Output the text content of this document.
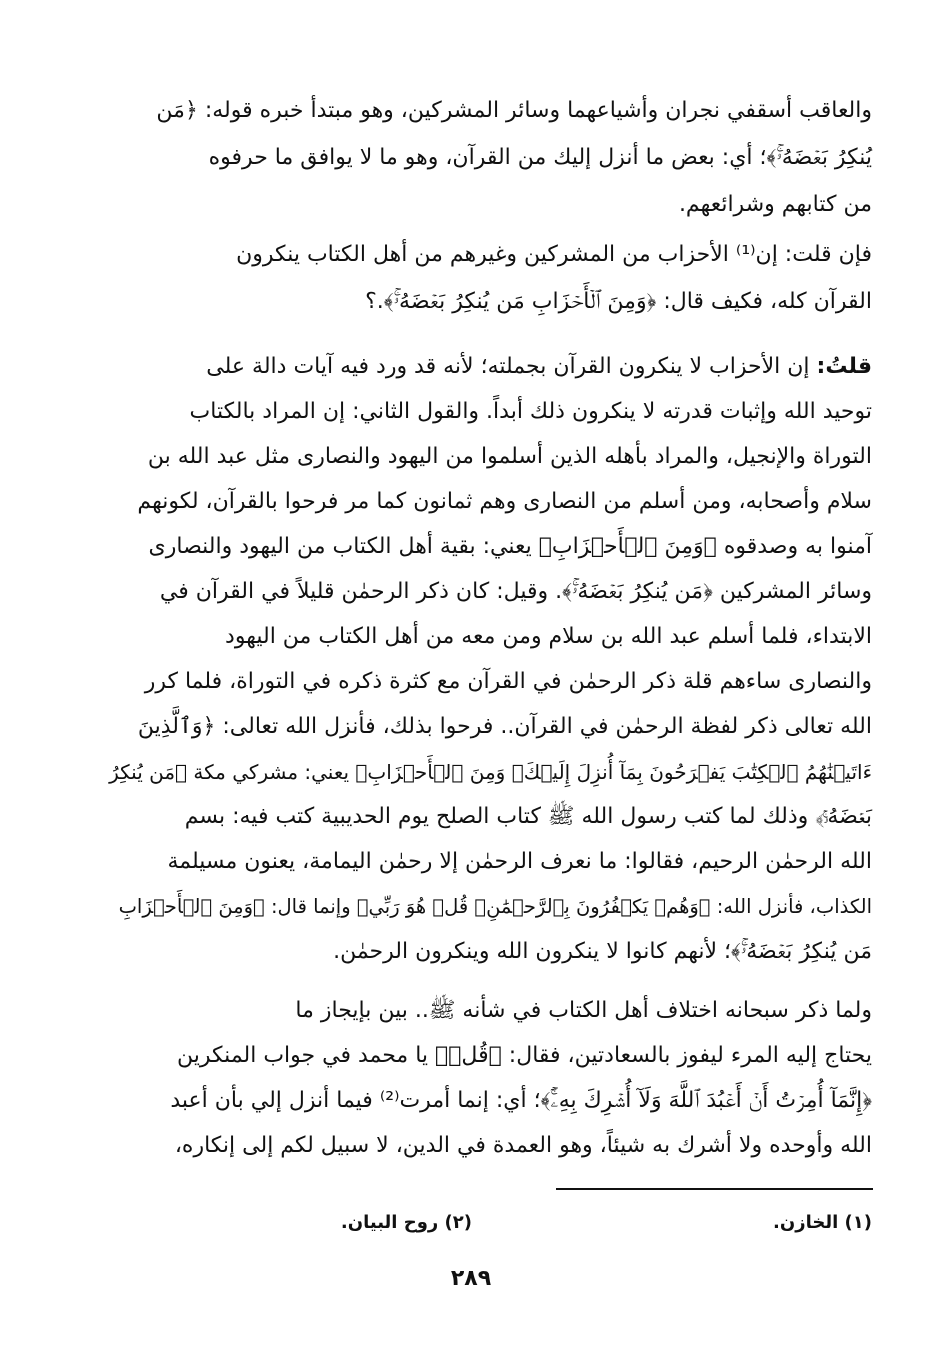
والعاقب أسقفي نجران وأشياعهما وسائر المشركين، وهو مبتدأ خبره قوله: ﴿مَن
يُنكِرُ بَعۡضَهُۥۚ﴾؛ أي: بعض ما أنزل إليك من القرآن، وهو ما لا يوافق ما حرفوه
من كتابهم وشرائعهم.
فإن قلت: إن⁽¹⁾ الأحزاب من المشركين وغيرهم من أهل الكتاب ينكرون
القرآن كله، فكيف قال: ﴿وَمِنَ ٱلۡأَحۡزَابِ مَن يُنكِرُ بَعۡضَهُۥۚ﴾.؟
قلتُ: إن الأحزاب لا ينكرون القرآن بجملته؛ لأنه قد ورد فيه آيات دالة على
توحيد الله وإثبات قدرته لا ينكرون ذلك أبداً. والقول الثاني: إن المراد بالكتاب
التوراة والإنجيل، والمراد بأهله الذين أسلموا من اليهود والنصارى مثل عبد الله بن
سلام وأصحابه، ومن أسلم من النصارى وهم ثمانون كما مر فرحوا بالقرآن، لكونهم
آمنوا به وصدقوه ﴿وَمِنَ ٱلۡأَحۡزَابِ﴾ يعني: بقية أهل الكتاب من اليهود والنصارى
وسائر المشركين ﴿مَن يُنكِرُ بَعۡضَهُۥۚ﴾. وقيل: كان ذكر الرحمٰن قليلاً في القرآن في
الابتداء، فلما أسلم عبد الله بن سلام ومن معه من أهل الكتاب من اليهود
والنصارى ساءهم قلة ذكر الرحمٰن في القرآن مع كثرة ذكره في التوراة، فلما كرر
الله تعالى ذكر لفظة الرحمٰن في القرآن.. فرحوا بذلك، فأنزل الله تعالى: ﴿وَٱلَّذِينَ
ءَاتَيۡنَٰهُمُ ٱلۡكِتَٰبَ يَفۡرَحُونَ بِمَآ أُنزِلَ إِلَيۡكَۖ وَمِنَ ٱلۡأَحۡزَابِ﴾ يعني: مشركي مكة ﴿مَن يُنكِرُ
بَعۡضَهُۥۚ﴾ وذلك لما كتب رسول الله ﷺ كتاب الصلح يوم الحديبية كتب فيه: بسم
الله الرحمٰن الرحيم، فقالوا: ما نعرف الرحمٰن إلا رحمٰن اليمامة، يعنون مسيلمة
الكذاب، فأنزل الله: ﴿وَهُمۡ يَكۡفُرُونَ بِٱلرَّحۡمَٰنِۚ قُلۡ هُوَ رَبِّي﴾ وإنما قال: ﴿وَمِنَ ٱلۡأَحۡزَابِ
مَن يُنكِرُ بَعۡضَهُۥۚ﴾؛ لأنهم كانوا لا ينكرون الله وينكرون الرحمٰن.
ولما ذكر سبحانه اختلاف أهل الكتاب في شأنه ﷺ.. بين بإيجاز ما
يحتاج إليه المرء ليفوز بالسعادتين، فقال: ﴿قُلۡ﴾ يا محمد في جواب المنكرين
﴿إِنَّمَآ أُمِرۡتُ أَنۡ أَعۡبُدَ ٱللَّهَ وَلَآ أُشۡرِكَ بِهِۦٓۚ﴾؛ أي: إنما أمرت⁽²⁾ فيما أنزل إلي بأن أعبد
الله وأوحده ولا أشرك به شيئاً، وهو العمدة في الدين، لا سبيل لكم إلى إنكاره،
(١) الخازن.
(٢) روح البيان.
٢٨٩
